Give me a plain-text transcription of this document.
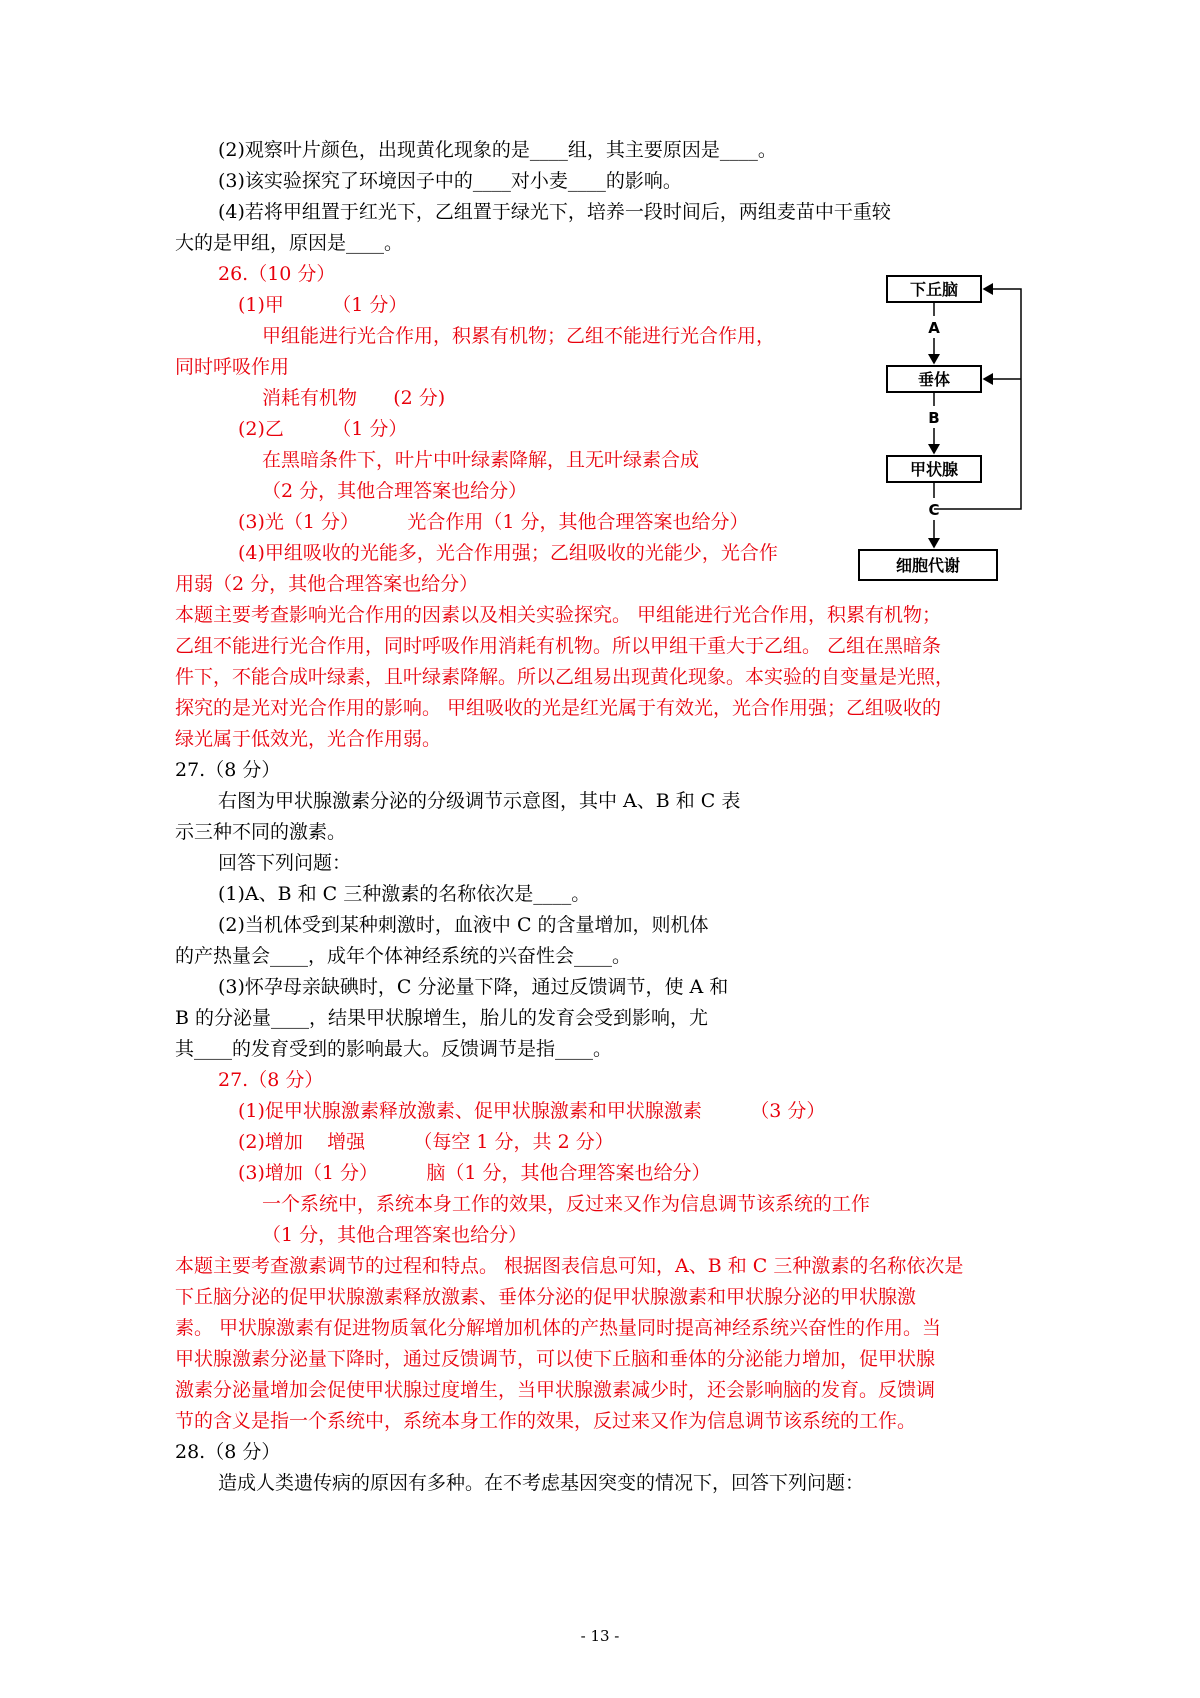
(2)观察叶片颜色，出现黄化现象的是____组，其主要原因是____。
(3)该实验探究了环境因子中的____对小麦____的影响。
(4)若将甲组置于红光下，乙组置于绿光下，培养一段时间后，两组麦苗中干重较
大的是甲组，原因是____。
26.（10 分）
(1)甲        （1 分）
甲组能进行光合作用，积累有机物；乙组不能进行光合作用，
同时呼吸作用
消耗有机物      (2 分)
(2)乙        （1 分）
在黑暗条件下，叶片中叶绿素降解，且无叶绿素合成
（2 分，其他合理答案也给分）
(3)光（1 分）        光合作用（1 分，其他合理答案也给分）
(4)甲组吸收的光能多，光合作用强；乙组吸收的光能少，光合作
用弱（2 分，其他合理答案也给分）
本题主要考查影响光合作用的因素以及相关实验探究。 甲组能进行光合作用，积累有机物；
乙组不能进行光合作用，同时呼吸作用消耗有机物。所以甲组干重大于乙组。 乙组在黑暗条
件下，不能合成叶绿素，且叶绿素降解。所以乙组易出现黄化现象。本实验的自变量是光照，
探究的是光对光合作用的影响。 甲组吸收的光是红光属于有效光，光合作用强；乙组吸收的
绿光属于低效光，光合作用弱。
27.（8 分）
右图为甲状腺激素分泌的分级调节示意图，其中 A、B 和 C 表
示三种不同的激素。
回答下列问题：
(1)A、B 和 C 三种激素的名称依次是____。
(2)当机体受到某种刺激时，血液中 C 的含量增加，则机体
的产热量会____，成年个体神经系统的兴奋性会____。
(3)怀孕母亲缺碘时，C 分泌量下降，通过反馈调节，使 A 和
B 的分泌量____，结果甲状腺增生，胎儿的发育会受到影响，尤
其____的发育受到的影响最大。反馈调节是指____。
27.（8 分）
(1)促甲状腺激素释放激素、促甲状腺激素和甲状腺激素        （3 分）
(2)增加    增强        （每空 1 分，共 2 分）
(3)增加（1 分）        脑（1 分，其他合理答案也给分）
一个系统中，系统本身工作的效果，反过来又作为信息调节该系统的工作
（1 分，其他合理答案也给分）
本题主要考查激素调节的过程和特点。 根据图表信息可知，A、B 和 C 三种激素的名称依次是
下丘脑分泌的促甲状腺激素释放激素、垂体分泌的促甲状腺激素和甲状腺分泌的甲状腺激
素。 甲状腺激素有促进物质氧化分解增加机体的产热量同时提高神经系统兴奋性的作用。当
甲状腺激素分泌量下降时，通过反馈调节，可以使下丘脑和垂体的分泌能力增加，促甲状腺
激素分泌量增加会促使甲状腺过度增生，当甲状腺激素减少时，还会影响脑的发育。反馈调
节的含义是指一个系统中，系统本身工作的效果，反过来又作为信息调节该系统的工作。
28.（8 分）
造成人类遗传病的原因有多种。在不考虑基因突变的情况下，回答下列问题：
下丘脑
垂体
甲状腺
细胞代谢
A
B
C
- 13 -
